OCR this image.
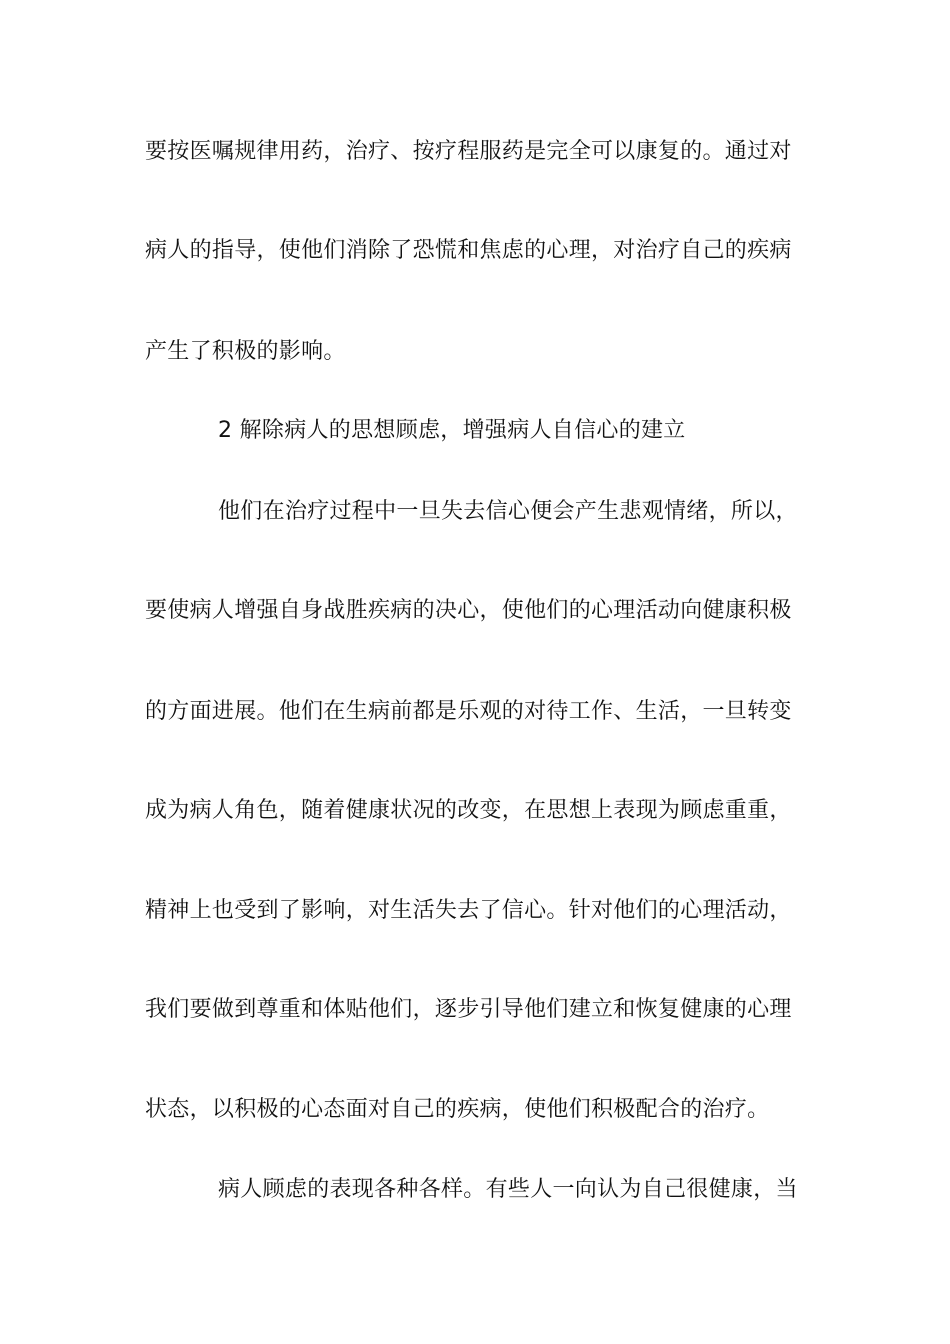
要按医嘱规律用药，治疗、按疗程服药是完全可以康复的。通过对
病人的指导，使他们消除了恐慌和焦虑的心理，对治疗自己的疾病
产生了积极的影响。
2 解除病人的思想顾虑，增强病人自信心的建立
他们在治疗过程中一旦失去信心便会产生悲观情绪，所以，
要使病人增强自身战胜疾病的决心，使他们的心理活动向健康积极
的方面进展。他们在生病前都是乐观的对待工作、生活，一旦转变
成为病人角色，随着健康状况的改变，在思想上表现为顾虑重重，
精神上也受到了影响，对生活失去了信心。针对他们的心理活动，
我们要做到尊重和体贴他们，逐步引导他们建立和恢复健康的心理
状态，以积极的心态面对自己的疾病，使他们积极配合的治疗。
病人顾虑的表现各种各样。有些人一向认为自己很健康，当
